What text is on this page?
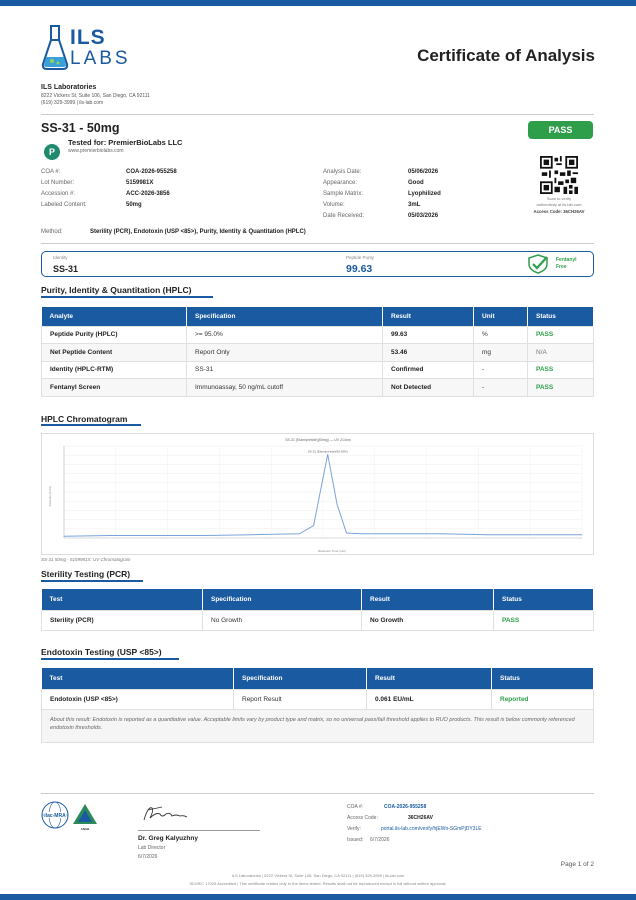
ILS
LABS	Certificate of Analysis
ILS Laboratories
8222 Vickers St, Suite 106, San Diego, CA 92111
(619) 329-3999 | ils-lab.com
SS-31 - 50mg	PASS
P
Tested for: PremierBioLabs LLC
www.premierbiolabs.com
COA #:	COA-2026-955258
Lot Number:	5159981X
Accession #:	ACC-2026-3856
Labeled Content:	50mg
Analysis Date:	05/06/2026
Appearance:	Good
Sample Matrix:	Lyophilized
Volume:	3mL
Date Received:	05/03/2026
Scan to verify
authenticity at ils-lab.com
Access Code: 36CH26AV
Method:	Sterility (PCR), Endotoxin (USP <85>), Purity, Identity & Quantitation (HPLC)
Identity
SS-31
Peptide Purity
99.63
Fentanyl
Free
Purity, Identity & Quantitation (HPLC)
Analyte	Specification	Result	Unit	Status
Peptide Purity (HPLC)	>= 95.0%	99.63	%	PASS
Net Peptide Content	Report Only	53.46	mg	N/A
Identity (HPLC-RTM)	SS-31	Confirmed	-	PASS
Fentanyl Screen	Immunoassay, 50 ng/mL cutoff	Not Detected	-	PASS
HPLC Chromatogram
SS-31 (Elamipretide)(50mg) — UV 214nm
Intensity (mAU)
Retention Time (min)
SS-31 (Elamipretide)(99.63%)
SS-31 50mg - 5159981X: UV Chromatogram
Sterility Testing (PCR)
Test	Specification	Result	Status
Sterility (PCR)	No Growth	No Growth	PASS
Endotoxin Testing (USP <85>)
Test	Specification	Result	Status
Endotoxin (USP <85>)	Report Result	0.061 EU/mL	Reported
About this result: Endotoxin is reported as a quantitative value. Acceptable limits vary by product type and matrix, so no universal pass/fail threshold applies to RUO products. This result is below commonly referenced endotoxin thresholds.
ilac-MRA
ANAB
Dr. Greg Kalyuzhny
Lab Director
6/7/2026
COA #:	COA-2026-955258
Access Code:	36CH26AV
Verify:	portal.ils-lab.com/verify/hjEWn-SGmPjDY3LE
Issued: 6/7/2026
Page 1 of 2
ILS Laboratories | 8222 Vickers St, Suite 106, San Diego, CA 92111 | (619) 329-3999 | ils-lab.com
ISO/IEC 17025 Accredited | This certificate relates only to the items tested. Results shall not be reproduced except in full without written approval.
